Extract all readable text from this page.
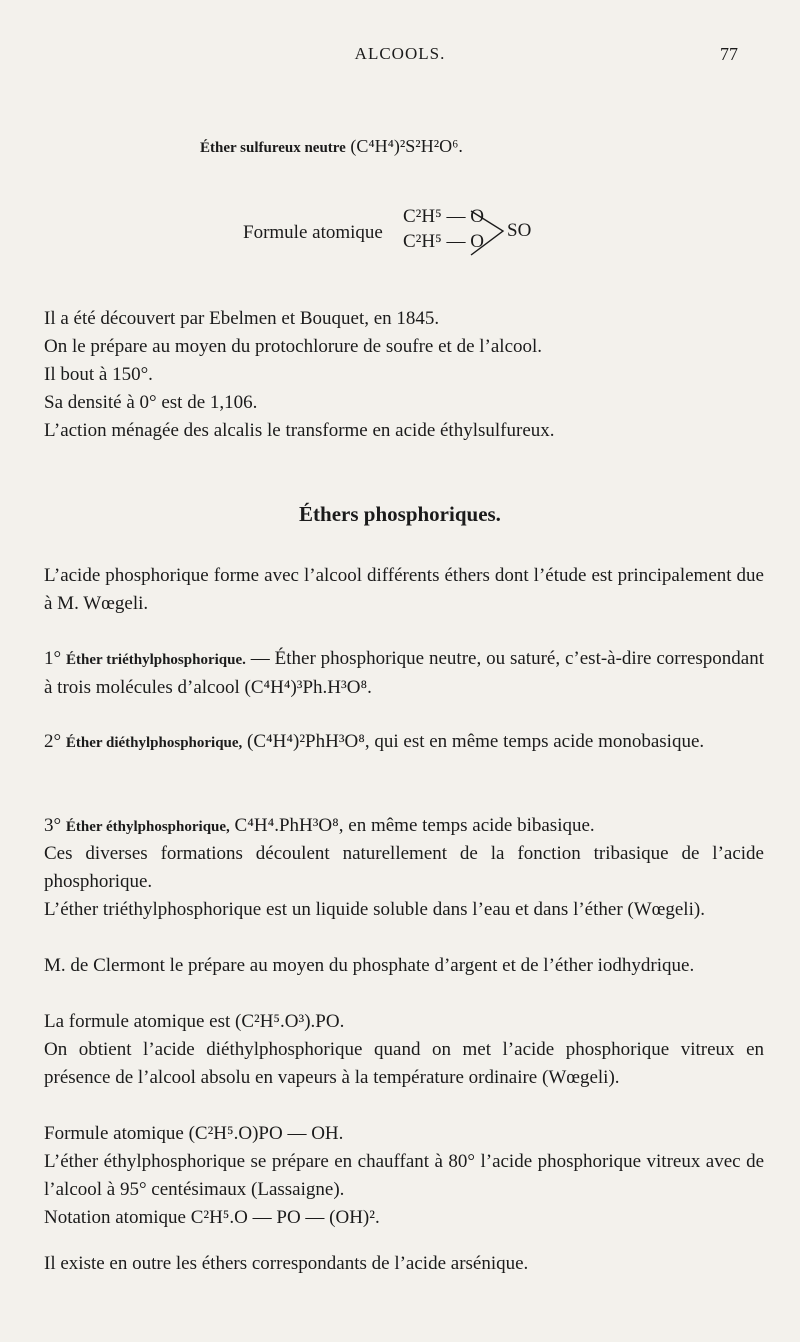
ALCOOLS.	77
Éther sulfureux neutre (C⁴H⁴)²S²H²O⁶.
Formule atomique
C²H⁵ — O
C²H⁵ — O
SO
Il a été découvert par Ebelmen et Bouquet, en 1845.
On le prépare au moyen du protochlorure de soufre et de l’alcool.
Il bout à 150°.
Sa densité à 0° est de 1,106.
L’action ménagée des alcalis le transforme en acide éthylsulfureux.
Éthers phosphoriques.
L’acide phosphorique forme avec l’alcool différents éthers dont l’étude est principalement due à M. Wœgeli.
1° Éther triéthylphosphorique. — Éther phosphorique neutre, ou saturé, c’est-à-dire correspondant à trois molécules d’alcool (C⁴H⁴)³Ph.H³O⁸.
2° Éther diéthylphosphorique, (C⁴H⁴)²PhH³O⁸, qui est en même temps acide monobasique.
3° Éther éthylphosphorique, C⁴H⁴.PhH³O⁸, en même temps acide bibasique.
Ces diverses formations découlent naturellement de la fonction tribasique de l’acide phosphorique.
L’éther triéthylphosphorique est un liquide soluble dans l’eau et dans l’éther (Wœgeli).
M. de Clermont le prépare au moyen du phosphate d’argent et de l’éther iodhydrique.
La formule atomique est (C²H⁵.O³).PO.
On obtient l’acide diéthylphosphorique quand on met l’acide phosphorique vitreux en présence de l’alcool absolu en vapeurs à la température ordinaire (Wœgeli).
Formule atomique (C²H⁵.O)PO — OH.
L’éther éthylphosphorique se prépare en chauffant à 80° l’acide phosphorique vitreux avec de l’alcool à 95° centésimaux (Lassaigne).
Notation atomique C²H⁵.O — PO — (OH)².
Il existe en outre les éthers correspondants de l’acide arsénique.
